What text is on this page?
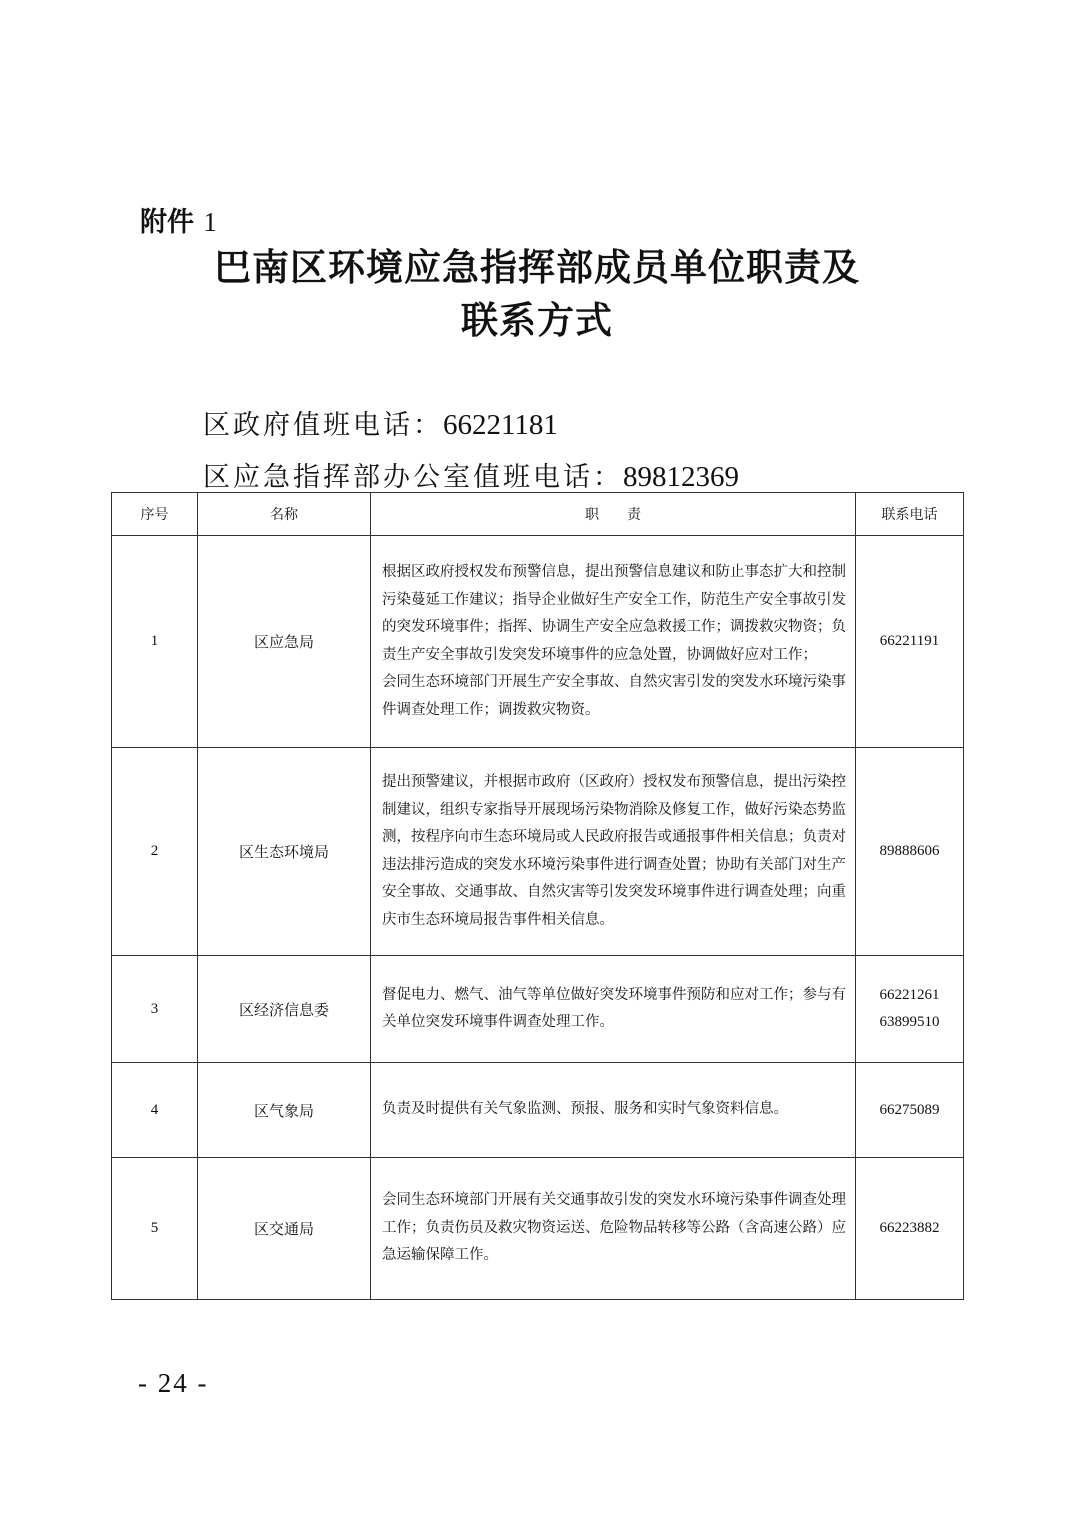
附件 1

巴南区环境应急指挥部成员单位职责及
联系方式

区政府值班电话：66221181

区应急指挥部办公室值班电话：89812369

序号	名称	职　　责	联系电话
1	区应急局	根据区政府授权发布预警信息，提出预警信息建议和防止事态扩大和控制污染蔓延工作建议；指导企业做好生产安全工作，防范生产安全事故引发的突发环境事件；指挥、协调生产安全应急救援工作；调拨救灾物资；负责生产安全事故引发突发环境事件的应急处置，协调做好应对工作；
会同生态环境部门开展生产安全事故、自然灾害引发的突发水环境污染事件调查处理工作；调拨救灾物资。	66221191

2	区生态环境局	提出预警建议，并根据市政府（区政府）授权发布预警信息，提出污染控制建议，组织专家指导开展现场污染物消除及修复工作，做好污染态势监测，按程序向市生态环境局或人民政府报告或通报事件相关信息；负责对违法排污造成的突发水环境污染事件进行调查处置；协助有关部门对生产安全事故、交通事故、自然灾害等引发突发环境事件进行调查处理；向重庆市生态环境局报告事件相关信息。	89888606

3	区经济信息委	督促电力、燃气、油气等单位做好突发环境事件预防和应对工作；参与有关单位突发环境事件调查处理工作。	66221261
63899510

4	区气象局	负责及时提供有关气象监测、预报、服务和实时气象资料信息。	66275089

5	区交通局	会同生态环境部门开展有关交通事故引发的突发水环境污染事件调查处理工作；负责伤员及救灾物资运送、危险物品转移等公路（含高速公路）应急运输保障工作。	66223882

- 24 -
